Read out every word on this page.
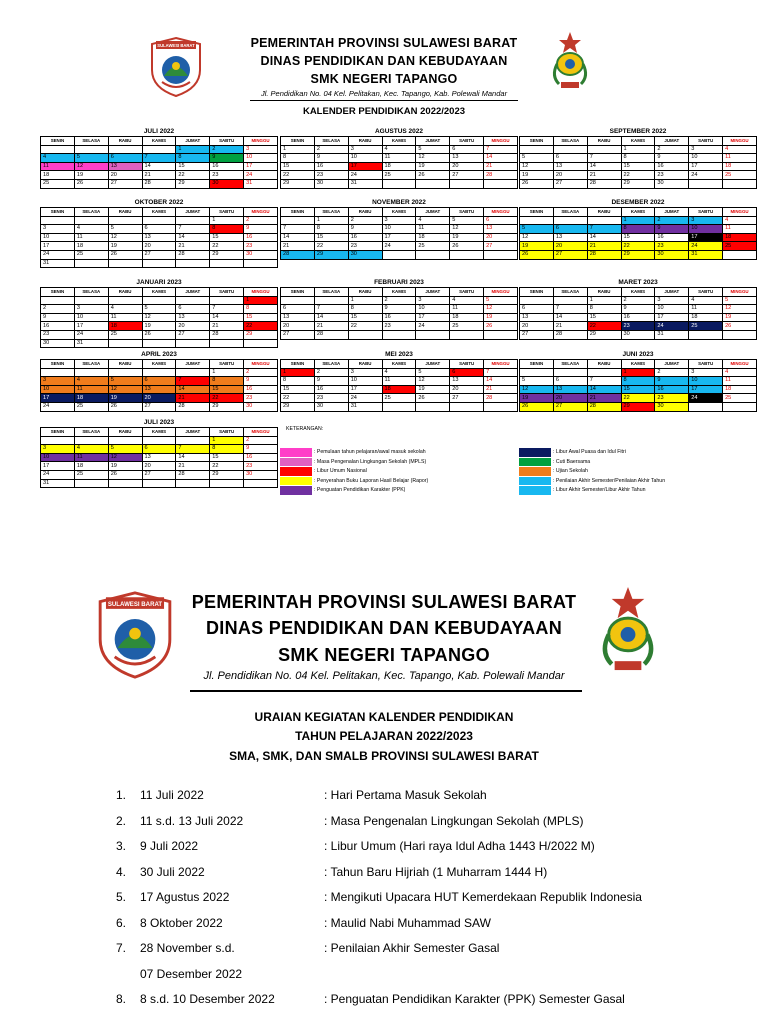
SULAWESI BARAT	PEMERINTAH PROVINSI SULAWESI BARAT
DINAS PENDIDIKAN DAN KEBUDAYAAN
SMK NEGERI TAPANGO
Jl. Pendidikan No. 04 Kel. Pelitakan, Kec. Tapango, Kab. Polewali Mandar
KALENDER PENDIDIKAN 2022/2023
JULI 2022
SENIN	SELASA	RABU	KAMIS	JUMAT	SABTU	MINGGU
				1	2	3
4	5	6	7	8	9	10
11	12	13	14	15	16	17
18	19	20	21	22	23	24
25	26	27	28	29	30	31
AGUSTUS 2022
SENIN	SELASA	RABU	KAMIS	JUMAT	SABTU	MINGGU
1	2	3	4	5	6	7
8	9	10	11	12	13	14
15	16	17	18	19	20	21
22	23	24	25	26	27	28
29	30	31				
SEPTEMBER 2022
SENIN	SELASA	RABU	KAMIS	JUMAT	SABTU	MINGGU
			1	2	3	4
5	6	7	8	9	10	11
12	13	14	15	16	17	18
19	20	21	22	23	24	25
26	27	28	29	30		
OKTOBER 2022
SENIN	SELASA	RABU	KAMIS	JUMAT	SABTU	MINGGU
					1	2
3	4	5	6	7	8	9
10	11	12	13	14	15	16
17	18	19	20	21	22	23
24	25	26	27	28	29	30
31						
NOVEMBER 2022
SENIN	SELASA	RABU	KAMIS	JUMAT	SABTU	MINGGU
	1	2	3	4	5	6
7	8	9	10	11	12	13
14	15	16	17	18	19	20
21	22	23	24	25	26	27
28	29	30				
DESEMBER 2022
SENIN	SELASA	RABU	KAMIS	JUMAT	SABTU	MINGGU
			1	2	3	4
5	6	7	8	9	10	11
12	13	14	15	16	17	18
19	20	21	22	23	24	25
26	27	28	29	30	31	
JANUARI 2023
SENIN	SELASA	RABU	KAMIS	JUMAT	SABTU	MINGGU
						1
2	3	4	5	6	7	8
9	10	11	12	13	14	15
16	17	18	19	20	21	22
23	24	25	26	27	28	29
30	31					
FEBRUARI 2023
SENIN	SELASA	RABU	KAMIS	JUMAT	SABTU	MINGGU
		1	2	3	4	5
6	7	8	9	10	11	12
13	14	15	16	17	18	19
20	21	22	23	24	25	26
27	28					
MARET 2023
SENIN	SELASA	RABU	KAMIS	JUMAT	SABTU	MINGGU
		1	2	3	4	5
6	7	8	9	10	11	12
13	14	15	16	17	18	19
20	21	22	23	24	25	26
27	28	29	30	31		
APRIL 2023
SENIN	SELASA	RABU	KAMIS	JUMAT	SABTU	MINGGU
					1	2
3	4	5	6	7	8	9
10	11	12	13	14	15	16
17	18	19	20	21	22	23
24	25	26	27	28	29	30
MEI 2023
SENIN	SELASA	RABU	KAMIS	JUMAT	SABTU	MINGGU
1	2	3	4	5	6	7
8	9	10	11	12	13	14
15	16	17	18	19	20	21
22	23	24	25	26	27	28
29	30	31				
JUNI 2023
SENIN	SELASA	RABU	KAMIS	JUMAT	SABTU	MINGGU
			1	2	3	4
5	6	7	8	9	10	11
12	13	14	15	16	17	18
19	20	21	22	23	24	25
26	27	28	29	30		
JULI 2023
SENIN	SELASA	RABU	KAMIS	JUMAT	SABTU	MINGGU
					1	2
3	4	5	6	7	8	9
10	11	12	13	14	15	16
17	18	19	20	21	22	23
24	25	26	27	28	29	30
31						
KETERANGAN:
: Pemulaan tahun pelajaran/awal masuk sekolah
: Masa Pengenalan Lingkungan Sekolah (MPLS)
: Libur Umum Nasional
: Penyerahan Buku Laporan Hasil Belajar (Rapor)
: Penguatan Pendidikan Karakter (PPK)
: Libur Awal Puasa dan Idul Fitri
: Cuti Baersama
: Ujian Sekolah
: Penilaian Akhir Semester/Penilaian Akhir Tahun
: Libur Akhir Semester/Libur Akhir Tahun
SULAWESI BARAT	PEMERINTAH PROVINSI SULAWESI BARAT
DINAS PENDIDIKAN DAN KEBUDAYAAN
SMK NEGERI TAPANGO
Jl. Pendidikan No. 04 Kel. Pelitakan, Kec. Tapango, Kab. Polewali Mandar
URAIAN KEGIATAN KALENDER PENDIDIKAN
TAHUN PELAJARAN 2022/2023
SMA, SMK, DAN SMALB PROVINSI SULAWESI BARAT
1. 11 Juli 2022	: Hari Pertama Masuk Sekolah
2. 11 s.d. 13 Juli 2022	: Masa Pengenalan Lingkungan Sekolah (MPLS)
3. 9 Juli 2022	: Libur Umum (Hari raya Idul Adha 1443 H/2022 M)
4. 30 Juli 2022	: Tahun Baru Hijriah (1 Muharram 1444 H)
5. 17 Agustus 2022	: Mengikuti Upacara HUT Kemerdekaan Republik Indonesia
6. 8 Oktober 2022	: Maulid Nabi Muhammad SAW
7. 28 November s.d.	: Penilaian Akhir Semester Gasal
07 Desember 2022
8. 8 s.d. 10 Desember 2022	: Penguatan Pendidikan Karakter (PPK) Semester Gasal
